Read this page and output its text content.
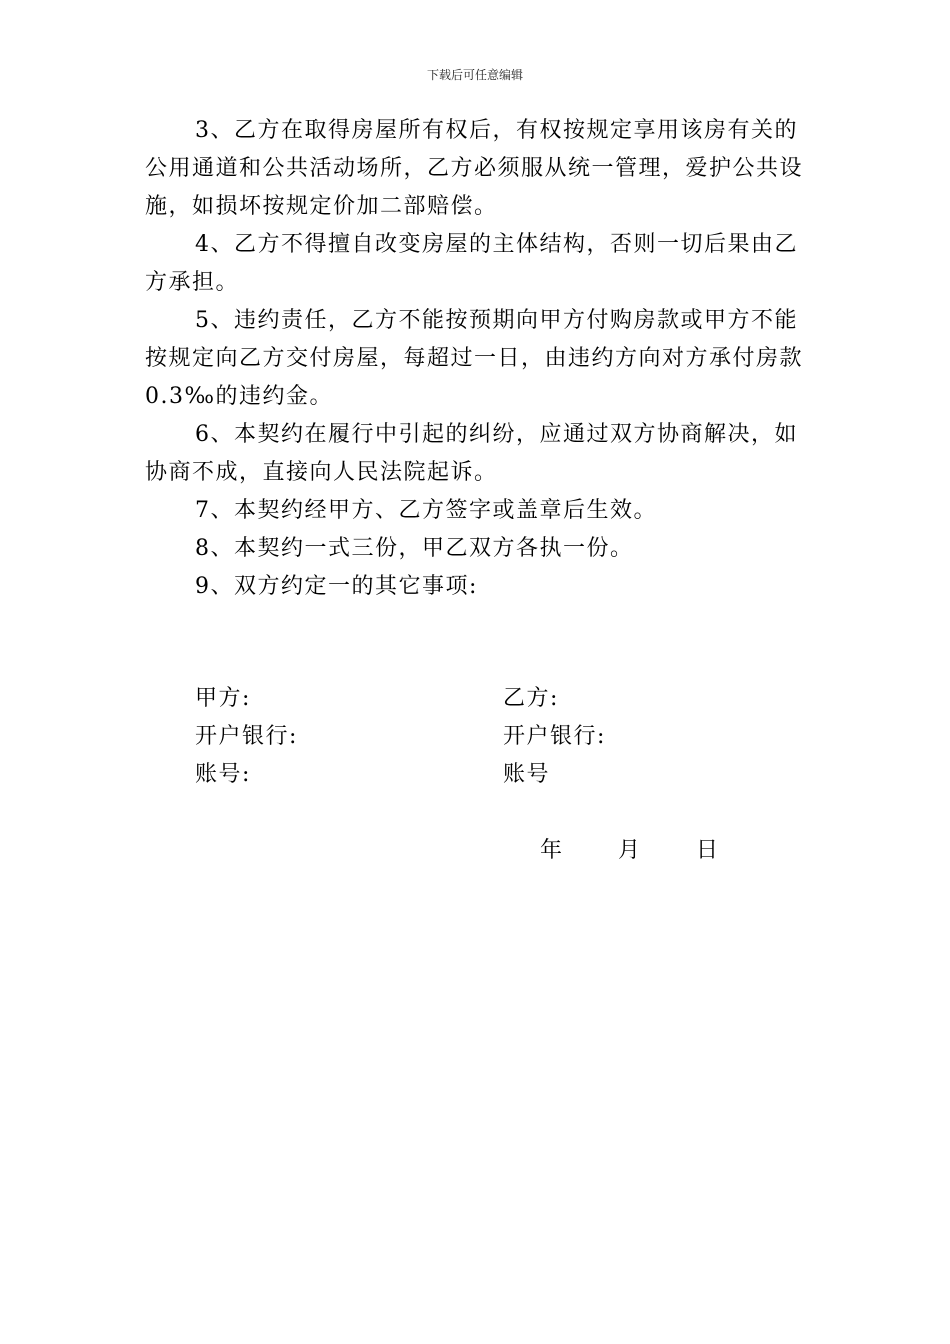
下载后可任意编辑

3、乙方在取得房屋所有权后，有权按规定享用该房有关的公用通道和公共活动场所，乙方必须服从统一管理，爱护公共设施，如损坏按规定价加二部赔偿。

4、乙方不得擅自改变房屋的主体结构，否则一切后果由乙方承担。

5、违约责任，乙方不能按预期向甲方付购房款或甲方不能按规定向乙方交付房屋，每超过一日，由违约方向对方承付房款 0.3‰的违约金。

6、本契约在履行中引起的纠纷，应通过双方协商解决，如协商不成，直接向人民法院起诉。

7、本契约经甲方、乙方签字或盖章后生效。

8、本契约一式三份，甲乙双方各执一份。

9、双方约定一的其它事项:

甲方:	乙方:
开户银行:	开户银行:
账号:	账号
年	月	日
